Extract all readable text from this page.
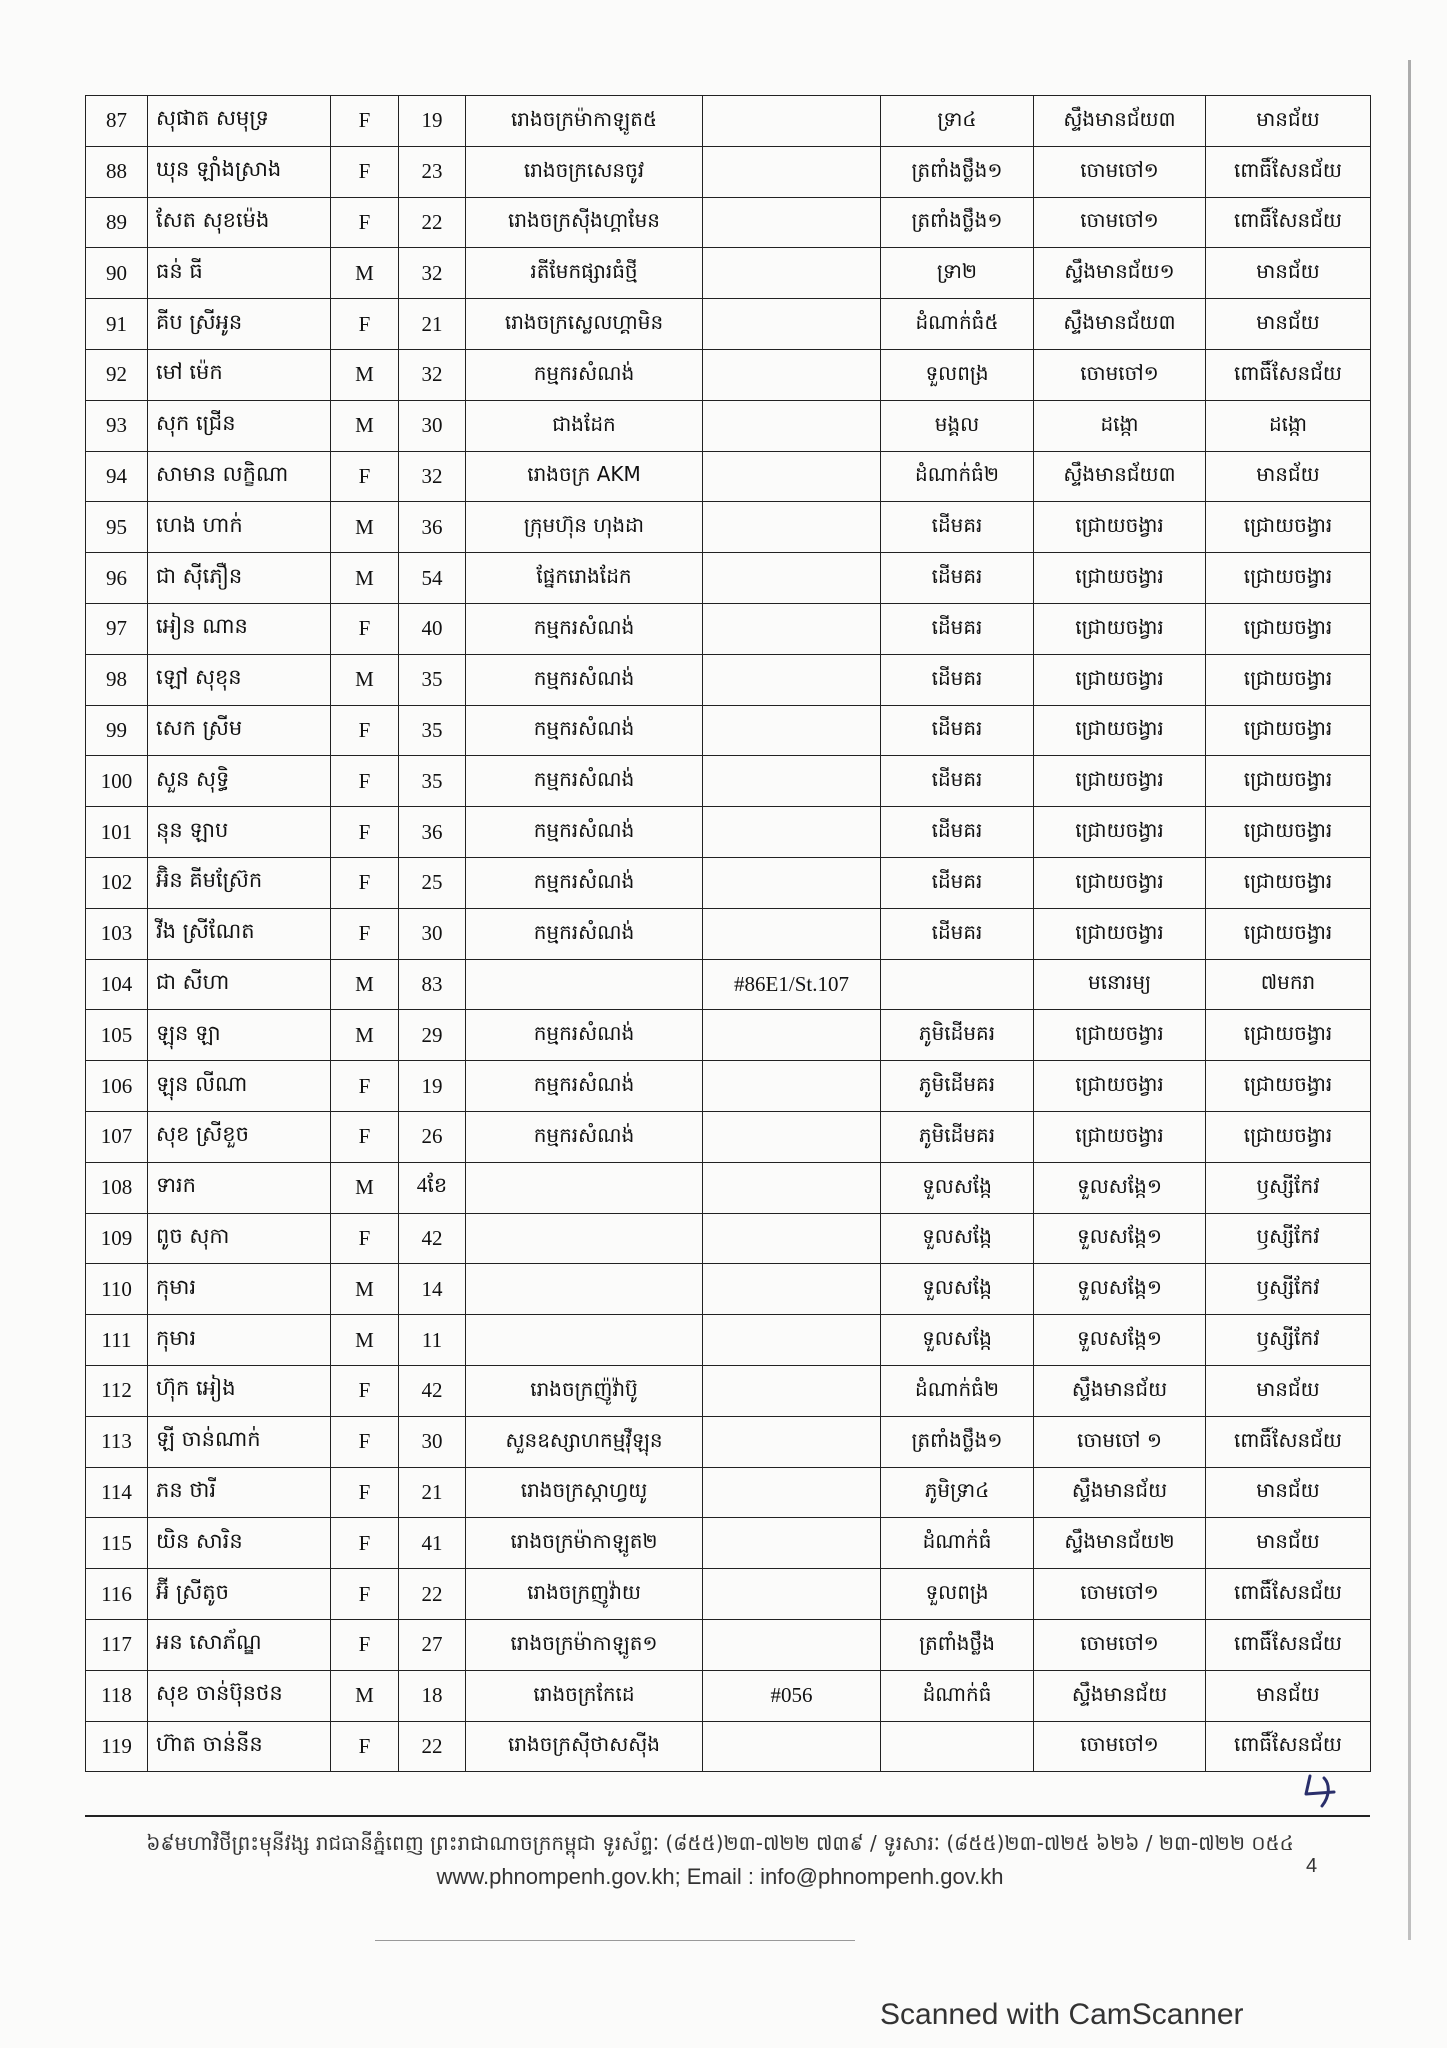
87	សុផាត សមុទ្រ	F	19	រោងចក្រម៉ាកាឡូត៥		ទ្រា៤	ស្ទឹងមានជ័យ៣	មានជ័យ
88	ឃុន ឡាំងស្រាង	F	23	រោងចក្រសេនចូវ		ត្រពាំងថ្លឹង១	ចោមចៅ១	ពោធិ៍សែនជ័យ
89	សែត សុខម៉េង	F	22	រោងចក្រស៊ីងហ្គាមែន		ត្រពាំងថ្លឹង១	ចោមចៅ១	ពោធិ៍សែនជ័យ
90	ធន់ ធី	M	32	រតីមែកផ្សារធំថ្មី		ទ្រា២	ស្ទឹងមានជ័យ១	មានជ័យ
91	គីប ស្រីអូន	F	21	រោងចក្រស្លេលហ្គាមិន		ដំណាក់ធំ៥	ស្ទឹងមានជ័យ៣	មានជ័យ
92	មៅ ម៉េក	M	32	កម្មករសំណង់		ទួលពង្រ	ចោមចៅ១	ពោធិ៍សែនជ័យ
93	សុក ជ្រើន	M	30	ជាងដែក		មង្គល	ដង្កោ	ដង្កោ
94	សាមាន លក្ខិណា	F	32	រោងចក្រ AKM		ដំណាក់ធំ២	ស្ទឹងមានជ័យ៣	មានជ័យ
95	ហេង ហាក់	M	36	ក្រុមហ៊ុន ហុងដា		ដើមគរ	ជ្រោយចង្វារ	ជ្រោយចង្វារ
96	ជា ស៊ីភឿន	M	54	ផ្នែករោងដែក		ដើមគរ	ជ្រោយចង្វារ	ជ្រោយចង្វារ
97	អៀន ណាន	F	40	កម្មករសំណង់		ដើមគរ	ជ្រោយចង្វារ	ជ្រោយចង្វារ
98	ឡៅ សុខុន	M	35	កម្មករសំណង់		ដើមគរ	ជ្រោយចង្វារ	ជ្រោយចង្វារ
99	សេក ស្រីម	F	35	កម្មករសំណង់		ដើមគរ	ជ្រោយចង្វារ	ជ្រោយចង្វារ
100	សួន សុទ្ធិ	F	35	កម្មករសំណង់		ដើមគរ	ជ្រោយចង្វារ	ជ្រោយចង្វារ
101	នុន ឡាប	F	36	កម្មករសំណង់		ដើមគរ	ជ្រោយចង្វារ	ជ្រោយចង្វារ
102	អ៊ិន គីមស្រ៊ែក	F	25	កម្មករសំណង់		ដើមគរ	ជ្រោយចង្វារ	ជ្រោយចង្វារ
103	វីង ស្រីណែត	F	30	កម្មករសំណង់		ដើមគរ	ជ្រោយចង្វារ	ជ្រោយចង្វារ
104	ជា សីហា	M	83		#86E1/St.107		មនោរម្យ	៧មករា
105	ឡុន ឡា	M	29	កម្មករសំណង់		ភូមិដើមគរ	ជ្រោយចង្វារ	ជ្រោយចង្វារ
106	ឡុន លីណា	F	19	កម្មករសំណង់		ភូមិដើមគរ	ជ្រោយចង្វារ	ជ្រោយចង្វារ
107	សុខ ស្រីខួច	F	26	កម្មករសំណង់		ភូមិដើមគរ	ជ្រោយចង្វារ	ជ្រោយចង្វារ
108	ទារក	M	4ខែ			ទួលសង្កែ	ទួលសង្កែ១	ឫស្សីកែវ
109	ពូច សុកា	F	42			ទួលសង្កែ	ទួលសង្កែ១	ឫស្សីកែវ
110	កុមារ	M	14			ទួលសង្កែ	ទួលសង្កែ១	ឫស្សីកែវ
111	កុមារ	M	11			ទួលសង្កែ	ទួលសង្កែ១	ឫស្សីកែវ
112	ហ៊ុក អៀង	F	42	រោងចក្រញ៉ូវ៉ាប៊ូ		ដំណាក់ធំ២	ស្ទឹងមានជ័យ	មានជ័យ
113	ឡី ចាន់ណាក់	F	30	សួនឧស្សាហកម្មវ៉ឺឡុន		ត្រពាំងថ្លឹង១	ចោមចៅ ១	ពោធិ៍សែនជ័យ
114	ភន ថារី	F	21	រោងចក្រស្កាហ្វយូ		ភូមិទ្រា៤	ស្ទឹងមានជ័យ	មានជ័យ
115	យិន សារិន	F	41	រោងចក្រម៉ាកាឡូត២		ដំណាក់ធំ	ស្ទឹងមានជ័យ២	មានជ័យ
116	អ៊ី ស្រីតូច	F	22	រោងចក្រញូវ៉ាយ		ទួលពង្រ	ចោមចៅ១	ពោធិ៍សែនជ័យ
117	អន សោភ័ណ្ឌ	F	27	រោងចក្រម៉ាកាឡូត១		ត្រពាំងថ្លឹង	ចោមចៅ១	ពោធិ៍សែនជ័យ
118	សុខ ចាន់ប៊ុនថន	M	18	រោងចក្រកែដេ	#056	ដំណាក់ធំ	ស្ទឹងមានជ័យ	មានជ័យ
119	ហ៊ាត ចាន់នីន	F	22	រោងចក្រស៊ីថាសស៊ីង			ចោមចៅ១	ពោធិ៍សែនជ័យ
៦៩មហាវិថីព្រះមុនីវង្ស រាជធានីភ្នំពេញ ព្រះរាជាណាចក្រកម្ពុជា ទូរស័ព្ទៈ (៨៥៥)២៣-៧២២ ៧៣៩ / ទូរសារៈ (៨៥៥)២៣-៧២៥ ៦២៦ / ២៣-៧២២ ០៥៤
www.phnompenh.gov.kh; Email : info@phnompenh.gov.kh	4
Scanned with CamScanner
